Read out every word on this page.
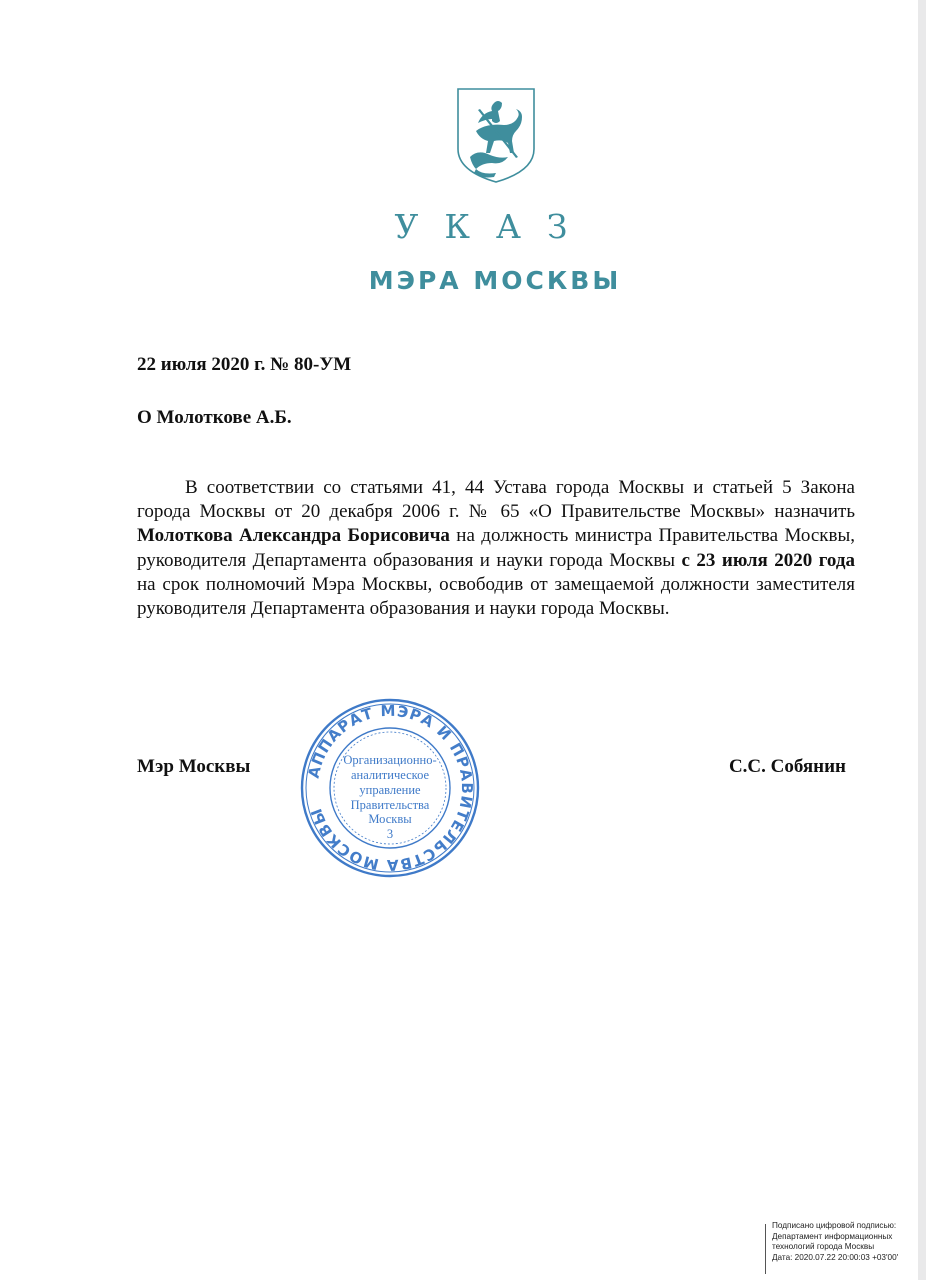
УКАЗ
МЭРА МОСКВЫ
22 июля 2020 г. № 80-УМ
О Молоткове А.Б.

В соответствии со статьями 41, 44 Устава города Москвы и статьей 5 Закона города Москвы от 20 декабря 2006 г. № 65 «О Правительстве Москвы» назначить Молоткова Александра Борисовича на должность министра Правительства Москвы, руководителя Департамента образования и науки города Москвы с 23 июля 2020 года на срок полномочий Мэра Москвы, освободив от замещаемой должности заместителя руководителя Департамента образования и науки города Москвы.

Мэр Москвы	С.С. Собянин
АППАРАТ МЭРА И ПРАВИТЕЛЬСТВА МОСКВЫ
Организационно-
аналитическое
управление
Правительства
Москвы
3
Подписано цифровой подписью:
Департамент информационных
технологий города Москвы
Дата: 2020.07.22 20:00:03 +03'00'
